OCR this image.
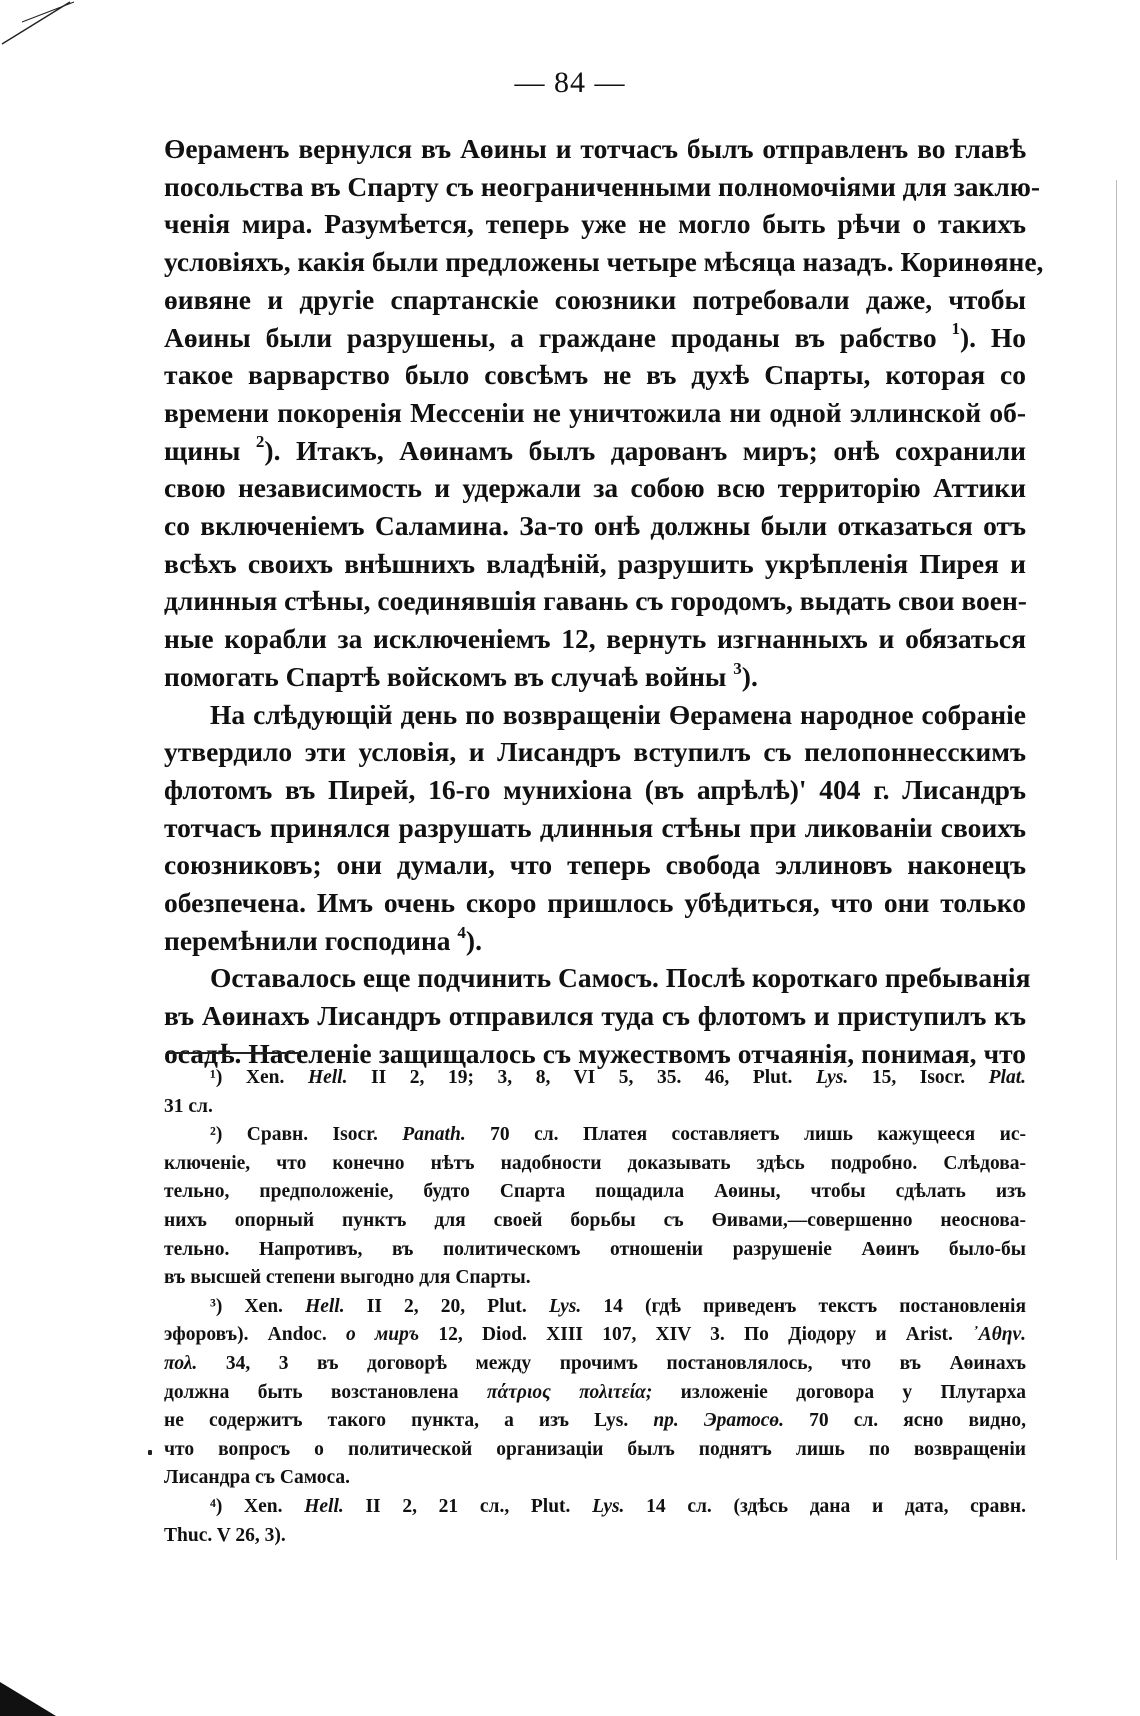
— 84 —

Өераменъ вернулся въ Аөины и тотчасъ былъ отправленъ во главѣ
посольства въ Спарту съ неограниченными полномочіями для заклю-
ченія мира. Разумѣется, теперь уже не могло быть рѣчи о такихъ
условіяхъ, какія были предложены четыре мѣсяца назадъ. Коринөяне,
өивяне и другіе спартанскіе союзники потребовали даже, чтобы
Аөины были разрушены, а граждане проданы въ рабство $^1$). Но
такое варварство было совсѣмъ не въ духѣ Спарты, которая со
времени покоренія Мессеніи не уничтожила ни одной эллинской об-
щины $^2$). Итакъ, Аөинамъ былъ дарованъ миръ; онѣ сохранили
свою независимость и удержали за собою всю территорію Аттики
со включеніемъ Саламина. За-то онѣ должны были отказаться отъ
всѣхъ своихъ внѣшнихъ владѣній, разрушить укрѣпленія Пирея и
длинныя стѣны, соединявшія гавань съ городомъ, выдать свои воен-
ные корабли за исключеніемъ 12, вернуть изгнанныхъ и обязаться
помогать Спартѣ войскомъ въ случаѣ войны $^3$).

На слѣдующій день по возвращеніи Өерамена народное собраніе
утвердило эти условія, и Лисандръ вступилъ съ пелопоннесскимъ
флотомъ въ Пирей, 16-го мунихіона (въ апрѣлѣ)' 404 г. Лисандръ
тотчасъ принялся разрушать длинныя стѣны при ликованіи своихъ
союзниковъ; они думали, что теперь свобода эллиновъ наконецъ
обезпечена. Имъ очень скоро пришлось убѣдиться, что они только
перемѣнили господина $^4$).

Оставалось еще подчинить Самосъ. Послѣ короткаго пребыванія
въ Аөинахъ Лисандръ отправился туда съ флотомъ и приступилъ къ
осадѣ. Населеніе защищалось съ мужествомъ отчаянія, понимая, что

¹) Xen. Hell. II 2, 19; 3, 8, VI 5, 35. 46, Plut. Lys. 15, Isocr. Plat.
31 сл.
²) Сравн. Isocr. Panath. 70 сл. Платея составляетъ лишь кажущееся ис-
ключеніе, что конечно нѣтъ надобности доказывать здѣсь подробно. Слѣдова-
тельно, предположеніе, будто Спарта пощадила Аөины, чтобы сдѣлать изъ
нихъ опорный пунктъ для своей борьбы съ Өивами,—совершенно неоснова-
тельно. Напротивъ, въ политическомъ отношеніи разрушеніе Аөинъ было-бы
въ высшей степени выгодно для Спарты.
³) Xen. Hell. II 2, 20, Plut. Lys. 14 (гдѣ приведенъ текстъ постановленія
эфоровъ). Andoc. о миръ 12, Diod. XIII 107, XIV 3. По Діодору и Arist. ᾿Αθην.
πολ. 34, 3 въ договорѣ между прочимъ постановлялось, что въ Аөинахъ
должна быть возстановлена πάτριος πολιτεία; изложеніе договора у Плутарха
не содержитъ такого пункта, а изъ Lys. пр. Эратосө. 70 сл. ясно видно,
что вопросъ о политической организаціи былъ поднятъ лишь по возвращеніи
Лисандра съ Самоса.
⁴) Xen. Hell. II 2, 21 сл., Plut. Lys. 14 сл. (здѣсь дана и дата, сравн.
Thuc. V 26, 3).
